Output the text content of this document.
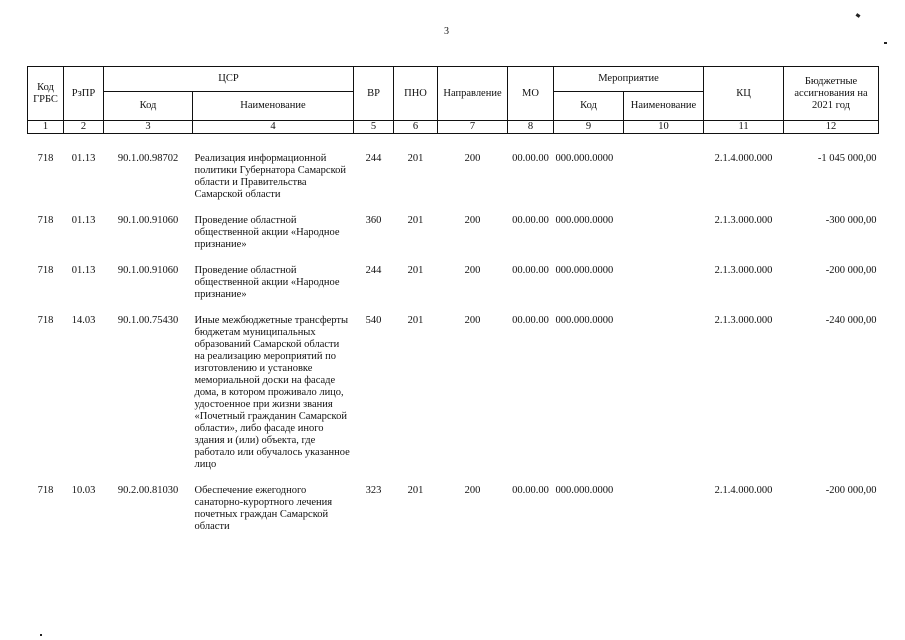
3
Код ГРБС	РзПР	ЦСР		ВР	ПНО	Направление	МО	Мероприятие		КЦ	Бюджетные ассигнования на 2021 год
		Код	Наименование					Код	Наименование		
1	2	3	4	5	6	7	8	9	10	11	12

718	01.13	90.1.00.98702	Реализация информационной политики Губернатора Самарской области и Правительства Самарской области	244	201	200	00.00.00	000.000.0000		2.1.4.000.000	-1 045 000,00
718	01.13	90.1.00.91060	Проведение областной общественной акции «Народное признание»	360	201	200	00.00.00	000.000.0000		2.1.3.000.000	-300 000,00
718	01.13	90.1.00.91060	Проведение областной общественной акции «Народное признание»	244	201	200	00.00.00	000.000.0000		2.1.3.000.000	-200 000,00
718	14.03	90.1.00.75430	Иные межбюджетные трансферты бюджетам муниципальных образований Самарской области на реализацию мероприятий по изготовлению и установке мемориальной доски на фасаде дома, в котором проживало лицо, удостоенное при жизни звания «Почетный гражданин Самарской области», либо фасаде иного здания и (или) объекта, где работало или обучалось указанное лицо	540	201	200	00.00.00	000.000.0000		2.1.3.000.000	-240 000,00
718	10.03	90.2.00.81030	Обеспечение ежегодного санаторно-курортного лечения почетных граждан Самарской области	323	201	200	00.00.00	000.000.0000		2.1.4.000.000	-200 000,00
